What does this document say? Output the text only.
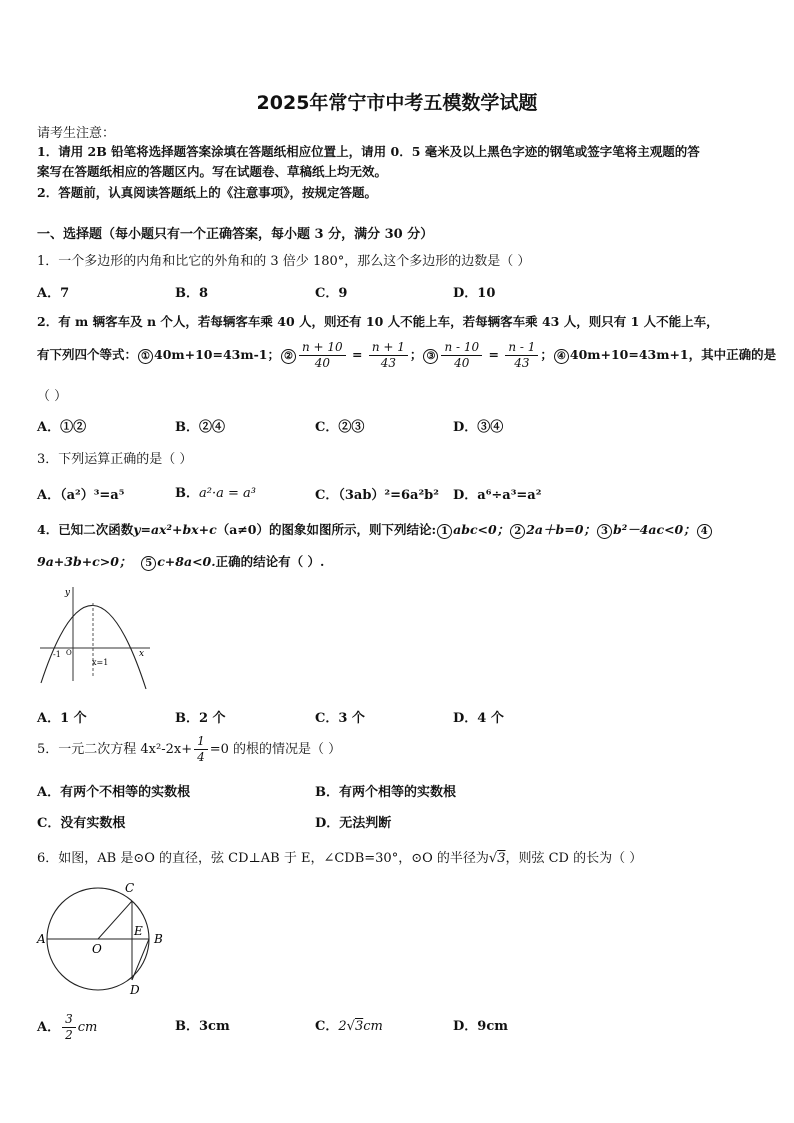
2025年常宁市中考五模数学试题
请考生注意：
1．请用 2B 铅笔将选择题答案涂填在答题纸相应位置上，请用 0．5 毫米及以上黑色字迹的钢笔或签字笔将主观题的答
案写在答题纸相应的答题区内。写在试题卷、草稿纸上均无效。
2．答题前，认真阅读答题纸上的《注意事项》，按规定答题。
一、选择题（每小题只有一个正确答案，每小题 3 分，满分 30 分）
1．一个多边形的内角和比它的外角和的 3 倍少 180°，那么这个多边形的边数是（ ）
A．7	B．8	C．9	D．10
2．有 m 辆客车及 n 个人，若每辆客车乘 40 人，则还有 10 人不能上车，若每辆客车乘 43 人，则只有 1 人不能上车，
有下列四个等式： ① 40m+10=43m-1； ② $\frac{n + 10}{40} = \frac{n + 1}{43}$ ； ③ $\frac{n - 10}{40} = \frac{n - 1}{43}$ ； ④ 40m+10=43m+1，其中正确的是
（ ）
A．①②	B．②④	C．②③	D．③④
3．下列运算正确的是（ ）
A．（a²）³=a⁵	B．a²·a = a³	C．（3ab）²=6a²b² D．a⁶÷a³=a²
4．已知二次函数y=ax²+bx+c（a≠0）的图象如图所示，则下列结论: 1 abc<0； 2 2a＋b=0； 3 b²－4ac<0； 4
9a+3b+c>0； 5 c+8a<0.正确的结论有（ ）.
y
x
-1 O
x=1
A．1 个	B．2 个	C．3 个	D．4 个
5．一元二次方程 $4x^2-2x+ \frac{1}{4} =0$ 的根的情况是（ ）
A．有两个不相等的实数根	B．有两个相等的实数根
C．没有实数根	D．无法判断
6．如图，AB 是⊙O 的直径，弦 CD⊥AB 于 E，∠CDB=30°，⊙O 的半径为√3，则弦 CD 的长为（ ）
A	B
C
D
E
O
A． $\frac{3}{2}$ cm	B．3cm	C．2√3cm	D．9cm
